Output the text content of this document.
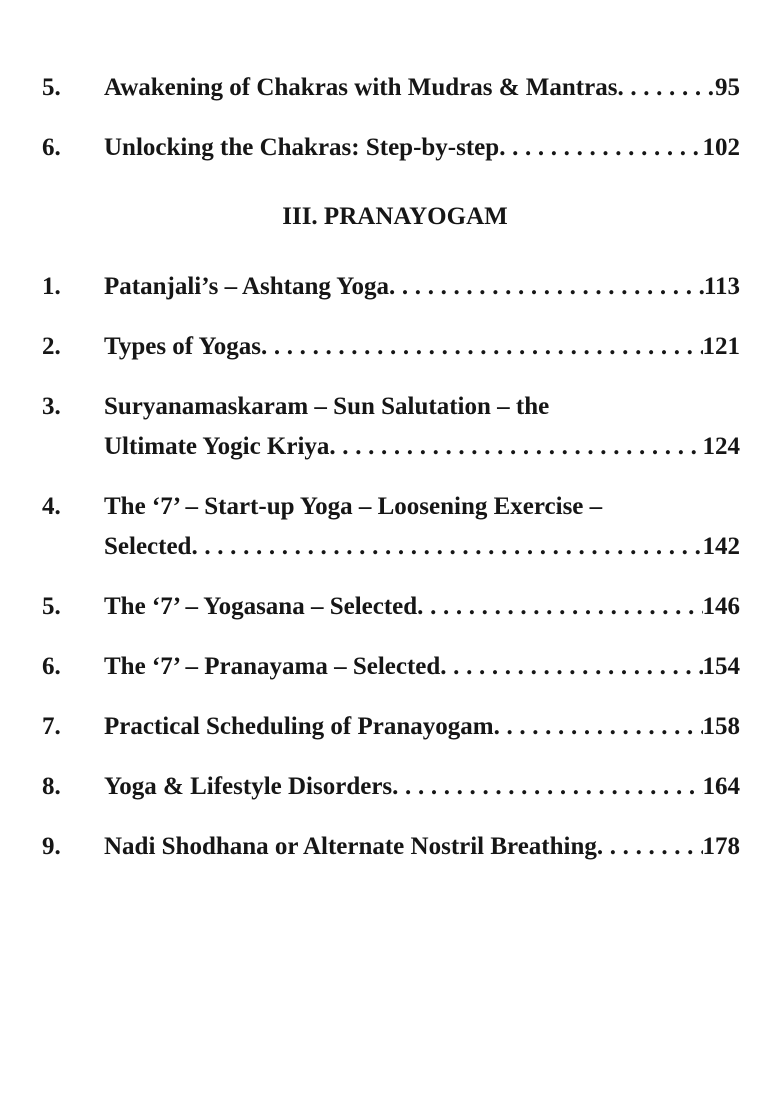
5.	Awakening of Chakras with Mudras & Mantras . . .	95
6.	Unlocking the Chakras: Step-by-step . . .	102
III. PRANAYOGAM
1.	Patanjali’s – Ashtang Yoga . . .	113
2.	Types of Yogas . . .	121
3.	Suryanamaskaram – Sun Salutation – the
Ultimate Yogic Kriya . . .	124
4.	The ‘7’ – Start-up Yoga – Loosening Exercise –
Selected . . .	142
5.	The ‘7’ – Yogasana – Selected . . .	146
6.	The ‘7’ – Pranayama – Selected . . .	154
7.	Practical Scheduling of Pranayogam . . .	158
8.	Yoga & Lifestyle Disorders . . .	164
9.	Nadi Shodhana or Alternate Nostril Breathing . . .	178
